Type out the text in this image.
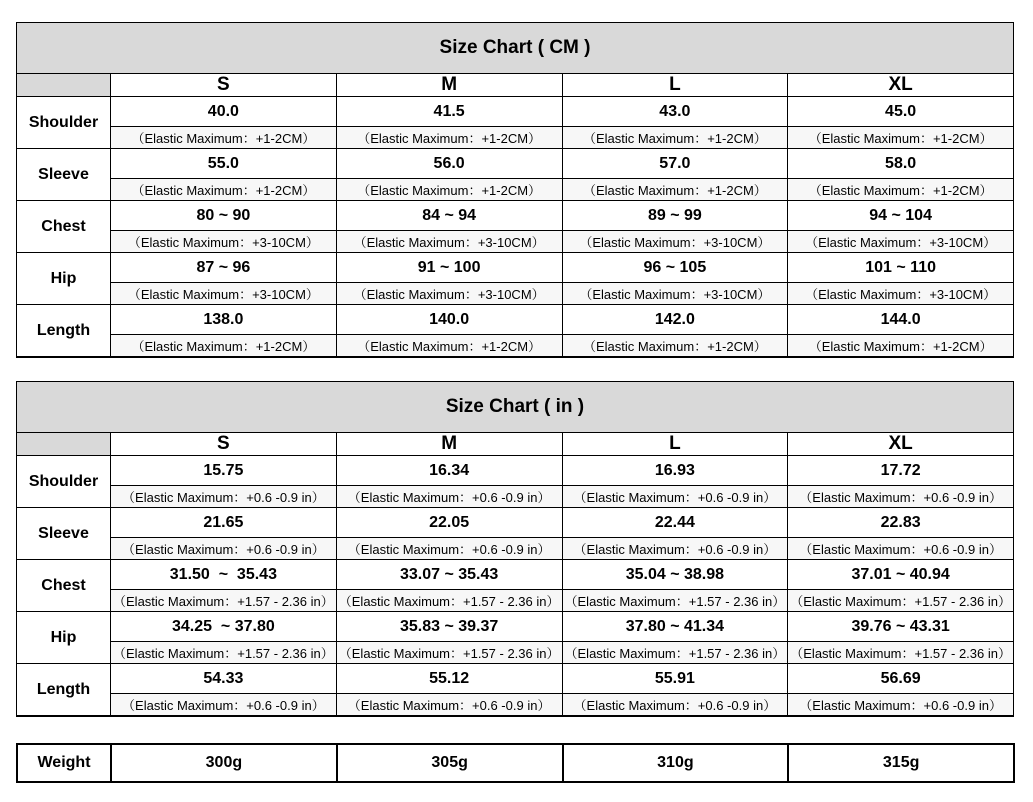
Size Chart ( CM )				
	S	M	L	XL
Shoulder	40.0	41.5	43.0	45.0
	（Elastic Maximum：+1-2CM）	（Elastic Maximum：+1-2CM）	（Elastic Maximum：+1-2CM）	（Elastic Maximum：+1-2CM）
Sleeve	55.0	56.0	57.0	58.0
	（Elastic Maximum：+1-2CM）	（Elastic Maximum：+1-2CM）	（Elastic Maximum：+1-2CM）	（Elastic Maximum：+1-2CM）
Chest	80 ~ 90	84 ~ 94	89 ~ 99	94 ~ 104
	（Elastic Maximum：+3-10CM）	（Elastic Maximum：+3-10CM）	（Elastic Maximum：+3-10CM）	（Elastic Maximum：+3-10CM）
Hip	87 ~ 96	91 ~ 100	96 ~ 105	101 ~ 110
	（Elastic Maximum：+3-10CM）	（Elastic Maximum：+3-10CM）	（Elastic Maximum：+3-10CM）	（Elastic Maximum：+3-10CM）
Length	138.0	140.0	142.0	144.0
	（Elastic Maximum：+1-2CM）	（Elastic Maximum：+1-2CM）	（Elastic Maximum：+1-2CM）	（Elastic Maximum：+1-2CM）
Size Chart ( in )				
	S	M	L	XL
Shoulder	15.75	16.34	16.93	17.72
	（Elastic Maximum：+0.6 -0.9 in）	（Elastic Maximum：+0.6 -0.9 in）	（Elastic Maximum：+0.6 -0.9 in）	（Elastic Maximum：+0.6 -0.9 in）
Sleeve	21.65	22.05	22.44	22.83
	（Elastic Maximum：+0.6 -0.9 in）	（Elastic Maximum：+0.6 -0.9 in）	（Elastic Maximum：+0.6 -0.9 in）	（Elastic Maximum：+0.6 -0.9 in）
Chest	31.50  ~  35.43	33.07 ~ 35.43	35.04 ~ 38.98	37.01 ~ 40.94
	（Elastic Maximum：+1.57 - 2.36 in）	（Elastic Maximum：+1.57 - 2.36 in）	（Elastic Maximum：+1.57 - 2.36 in）	（Elastic Maximum：+1.57 - 2.36 in）
Hip	34.25  ~ 37.80	35.83 ~ 39.37	37.80 ~ 41.34	39.76 ~ 43.31
	（Elastic Maximum：+1.57 - 2.36 in）	（Elastic Maximum：+1.57 - 2.36 in）	（Elastic Maximum：+1.57 - 2.36 in）	（Elastic Maximum：+1.57 - 2.36 in）
Length	54.33	55.12	55.91	56.69
	（Elastic Maximum：+0.6 -0.9 in）	（Elastic Maximum：+0.6 -0.9 in）	（Elastic Maximum：+0.6 -0.9 in）	（Elastic Maximum：+0.6 -0.9 in）
Weight	300g	305g	310g	315g
